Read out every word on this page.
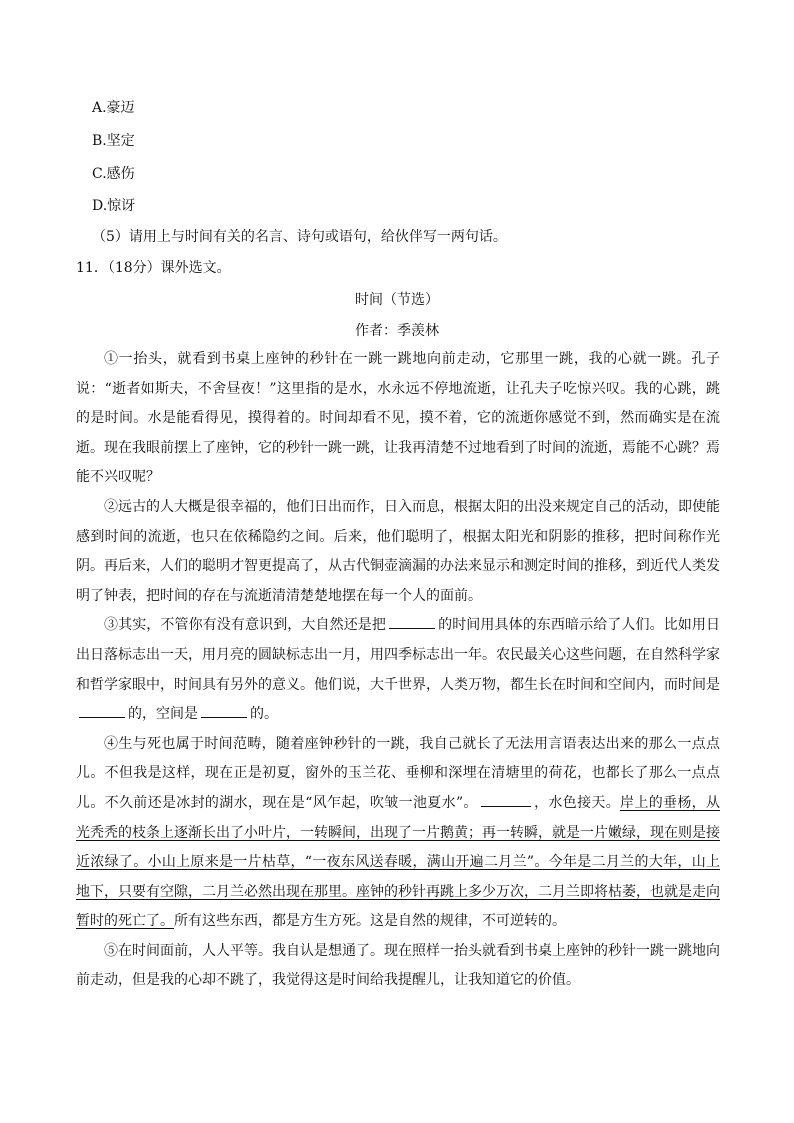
A.豪迈
B.坚定
C.感伤
D.惊讶
（5）请用上与时间有关的名言、诗句或语句，给伙伴写一两句话。
11．（18分）课外选文。
时间（节选）
作者：季羡林

①一抬头，就看到书桌上座钟的秒针在一跳一跳地向前走动，它那里一跳，我的心就一跳。孔子说：“逝者如斯夫，不舍昼夜！”这里指的是水，水永远不停地流逝，让孔夫子吃惊兴叹。我的心跳，跳的是时间。水是能看得见，摸得着的。时间却看不见，摸不着，它的流逝你感觉不到，然而确实是在流逝。现在我眼前摆上了座钟，它的秒针一跳一跳，让我再清楚不过地看到了时间的流逝，焉能不心跳？焉能不兴叹呢？

②远古的人大概是很幸福的，他们日出而作，日入而息，根据太阳的出没来规定自己的活动，即使能感到时间的流逝，也只在依稀隐约之间。后来，他们聪明了，根据太阳光和阴影的推移，把时间称作光阴。再后来，人们的聪明才智更提高了，从古代铜壶滴漏的办法来显示和测定时间的推移，到近代人类发明了钟表，把时间的存在与流逝清清楚楚地摆在每一个人的面前。

③其实，不管你有没有意识到，大自然还是把	的时间用具体的东西暗示给了人们。比如用日出日落标志出一天，用月亮的圆缺标志出一月，用四季标志出一年。农民最关心这些问题，在自然科学家和哲学家眼中，时间具有另外的意义。他们说，大千世界，人类万物，都生长在时间和空间内，而时间是的，空间是	的。

④生与死也属于时间范畴，随着座钟秒针的一跳，我自己就长了无法用言语表达出来的那么一点点儿。不但我是这样，现在正是初夏，窗外的玉兰花、垂柳和深埋在清塘里的荷花，也都长了那么一点点儿。不久前还是冰封的湖水，现在是“风乍起，吹皱一池夏水”。	，水色接天。岸上的垂杨，从光秃秃的枝条上逐渐长出了小叶片，一转瞬间，出现了一片鹅黄；再一转瞬，就是一片嫩绿，现在则是接近浓绿了。小山上原来是一片枯草，“一夜东风送春暖，满山开遍二月兰”。今年是二月兰的大年，山上地下，只要有空隙，二月兰必然出现在那里。座钟的秒针再跳上多少万次，二月兰即将枯萎，也就是走向暂时的死亡了。所有这些东西，都是方生方死。这是自然的规律，不可逆转的。

⑤在时间面前，人人平等。我自认是想通了。现在照样一抬头就看到书桌上座钟的秒针一跳一跳地向前走动，但是我的心却不跳了，我觉得这是时间给我提醒儿，让我知道它的价值。
